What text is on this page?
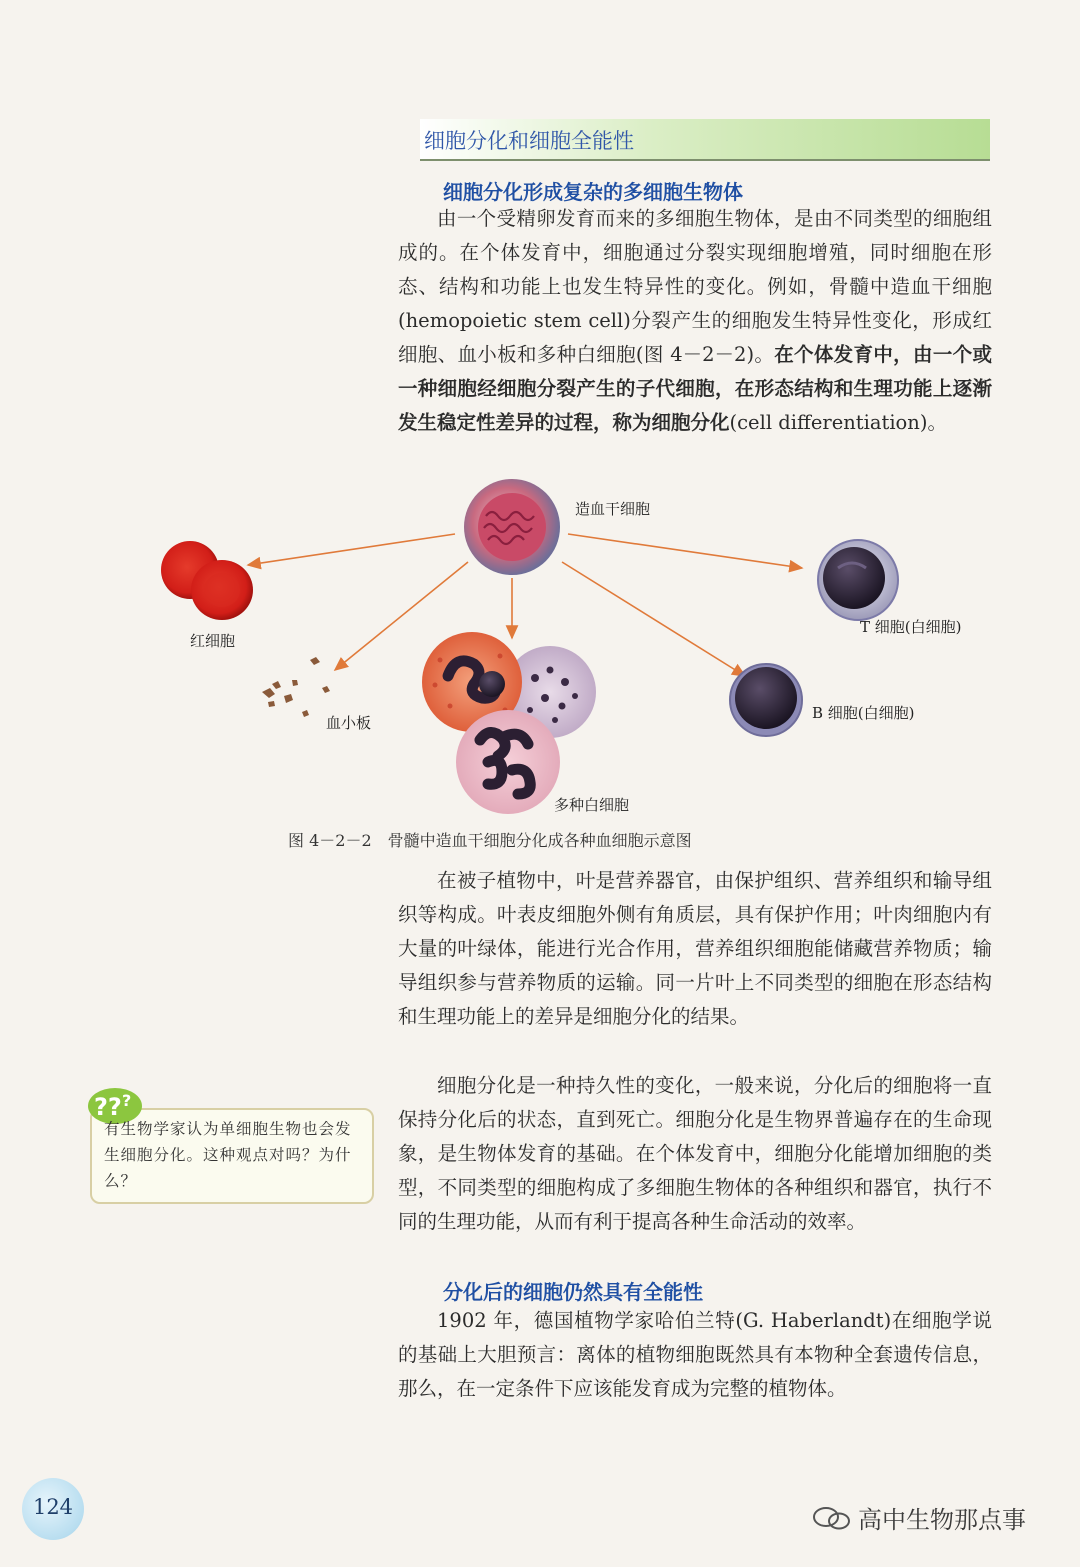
细胞分化和细胞全能性
细胞分化形成复杂的多细胞生物体

由一个受精卵发育而来的多细胞生物体，是由不同类型的细胞组成的。在个体发育中，细胞通过分裂实现细胞增殖，同时细胞在形态、结构和功能上也发生特异性的变化。例如，骨髓中造血干细胞(hemopoietic stem cell)分裂产生的细胞发生特异性变化，形成红细胞、血小板和多种白细胞(图 4－2－2)。在个体发育中，由一个或一种细胞经细胞分裂产生的子代细胞，在形态结构和生理功能上逐渐发生稳定性差异的过程，称为细胞分化(cell differentiation)。

造血干细胞
红细胞
血小板
多种白细胞
T 细胞(白细胞)
B 细胞(白细胞)
图 4－2－2　骨髓中造血干细胞分化成各种血细胞示意图

在被子植物中，叶是营养器官，由保护组织、营养组织和输导组织等构成。叶表皮细胞外侧有角质层，具有保护作用；叶肉细胞内有大量的叶绿体，能进行光合作用，营养组织细胞能储藏营养物质；输导组织参与营养物质的运输。同一片叶上不同类型的细胞在形态结构和生理功能上的差异是细胞分化的结果。

细胞分化是一种持久性的变化，一般来说，分化后的细胞将一直保持分化后的状态，直到死亡。细胞分化是生物界普遍存在的生命现象，是生物体发育的基础。在个体发育中，细胞分化能增加细胞的类型，不同类型的细胞构成了多细胞生物体的各种组织和器官，执行不同的生理功能，从而有利于提高各种生命活动的效率。

?? ?
有生物学家认为单细胞生物也会发生细胞分化。这种观点对吗？为什么？
分化后的细胞仍然具有全能性

1902 年，德国植物学家哈伯兰特(G. Haberlandt)在细胞学说的基础上大胆预言：离体的植物细胞既然具有本物种全套遗传信息，那么，在一定条件下应该能发育成为完整的植物体。

124	高中生物那点事
